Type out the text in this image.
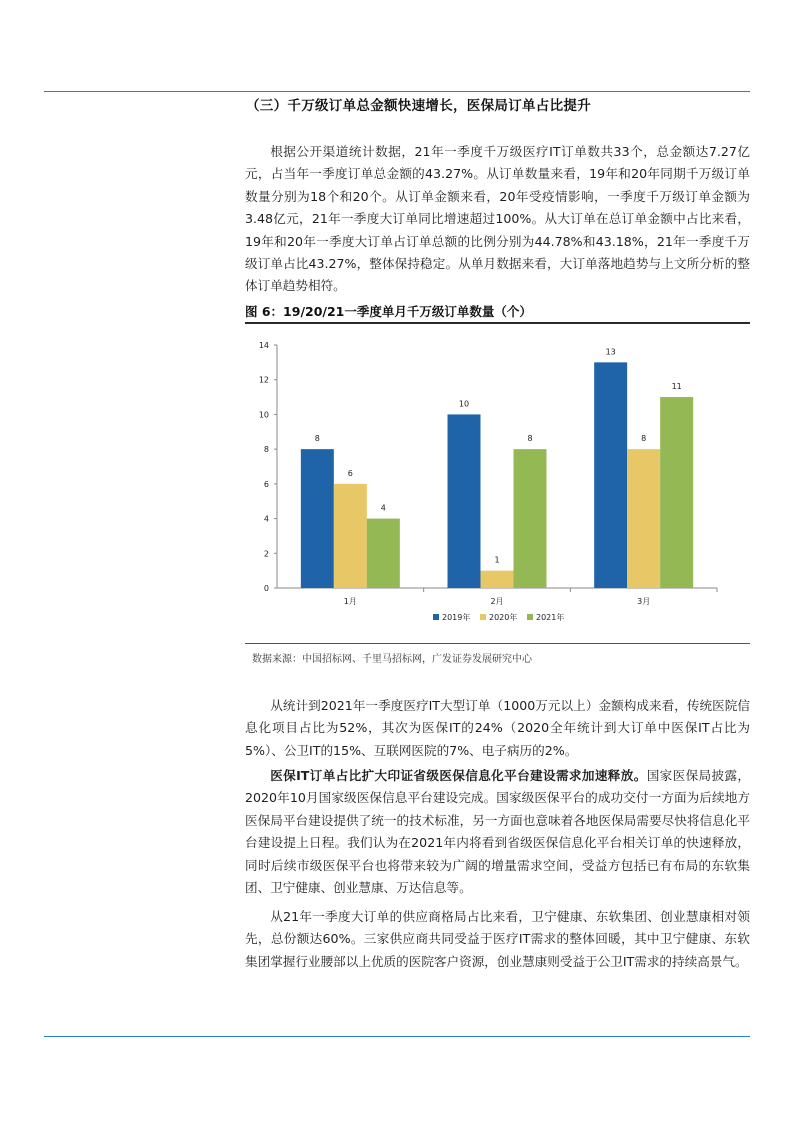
（三）千万级订单总金额快速增长，医保局订单占比提升

根据公开渠道统计数据，21年一季度千万级医疗IT订单数共33个，总金额达7.27亿元，占当年一季度订单总金额的43.27%。从订单数量来看，19年和20年同期千万级订单数量分别为18个和20个。从订单金额来看，20年受疫情影响，一季度千万级订单金额为3.48亿元，21年一季度大订单同比增速超过100%。从大订单在总订单金额中占比来看，19年和20年一季度大订单占订单总额的比例分别为44.78%和43.18%，21年一季度千万级订单占比43.27%，整体保持稳定。从单月数据来看，大订单落地趋势与上文所分析的整体订单趋势相符。

图 6：19/20/21一季度单月千万级订单数量（个）
0
2
4
6
8
10
12
14
1月
8
6
4
2月
10
1
8
3月
13
8
11
2019年 2020年 2021年
数据来源：中国招标网、千里马招标网，广发证券发展研究中心

从统计到2021年一季度医疗IT大型订单（1000万元以上）金额构成来看，传统医院信息化项目占比为52%，其次为医保IT的24%（2020全年统计到大订单中医保IT占比为5%）、公卫IT的15%、互联网医院的7%、电子病历的2%。

医保IT订单占比扩大印证省级医保信息化平台建设需求加速释放。国家医保局披露，2020年10月国家级医保信息平台建设完成。国家级医保平台的成功交付一方面为后续地方医保局平台建设提供了统一的技术标准，另一方面也意味着各地医保局需要尽快将信息化平台建设提上日程。我们认为在2021年内将看到省级医保信息化平台相关订单的快速释放，同时后续市级医保平台也将带来较为广阔的增量需求空间，受益方包括已有布局的东软集团、卫宁健康、创业慧康、万达信息等。

从21年一季度大订单的供应商格局占比来看，卫宁健康、东软集团、创业慧康相对领先，总份额达60%。三家供应商共同受益于医疗IT需求的整体回暖，其中卫宁健康、东软集团掌握行业腰部以上优质的医院客户资源，创业慧康则受益于公卫IT需求的持续高景气。
